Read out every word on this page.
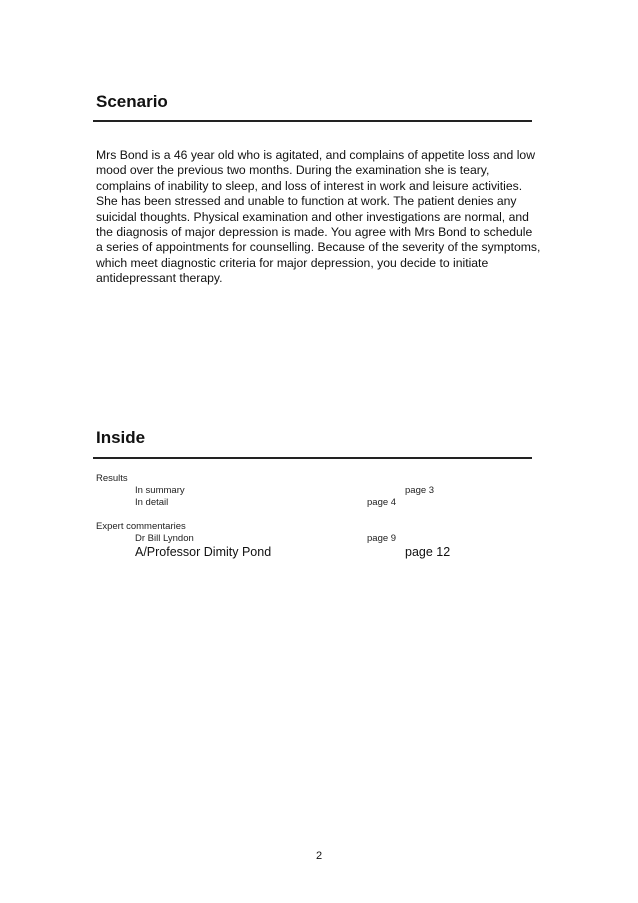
Scenario

Mrs Bond is a 46 year old who is agitated, and complains of appetite loss and low mood over the previous two months. During the examination she is teary, complains of inability to sleep, and loss of interest in work and leisure activities. She has been stressed and unable to function at work. The patient denies any suicidal thoughts. Physical examination and other investigations are normal, and the diagnosis of major depression is made. You agree with Mrs Bond to schedule a series of appointments for counselling. Because of the severity of the symptoms, which meet diagnostic criteria for major depression, you decide to initiate antidepressant therapy.

Inside
Results
In summary	page 3
In detail	page 4
Expert commentaries
Dr Bill Lyndon	page 9
A/Professor Dimity Pond	page 12
2
